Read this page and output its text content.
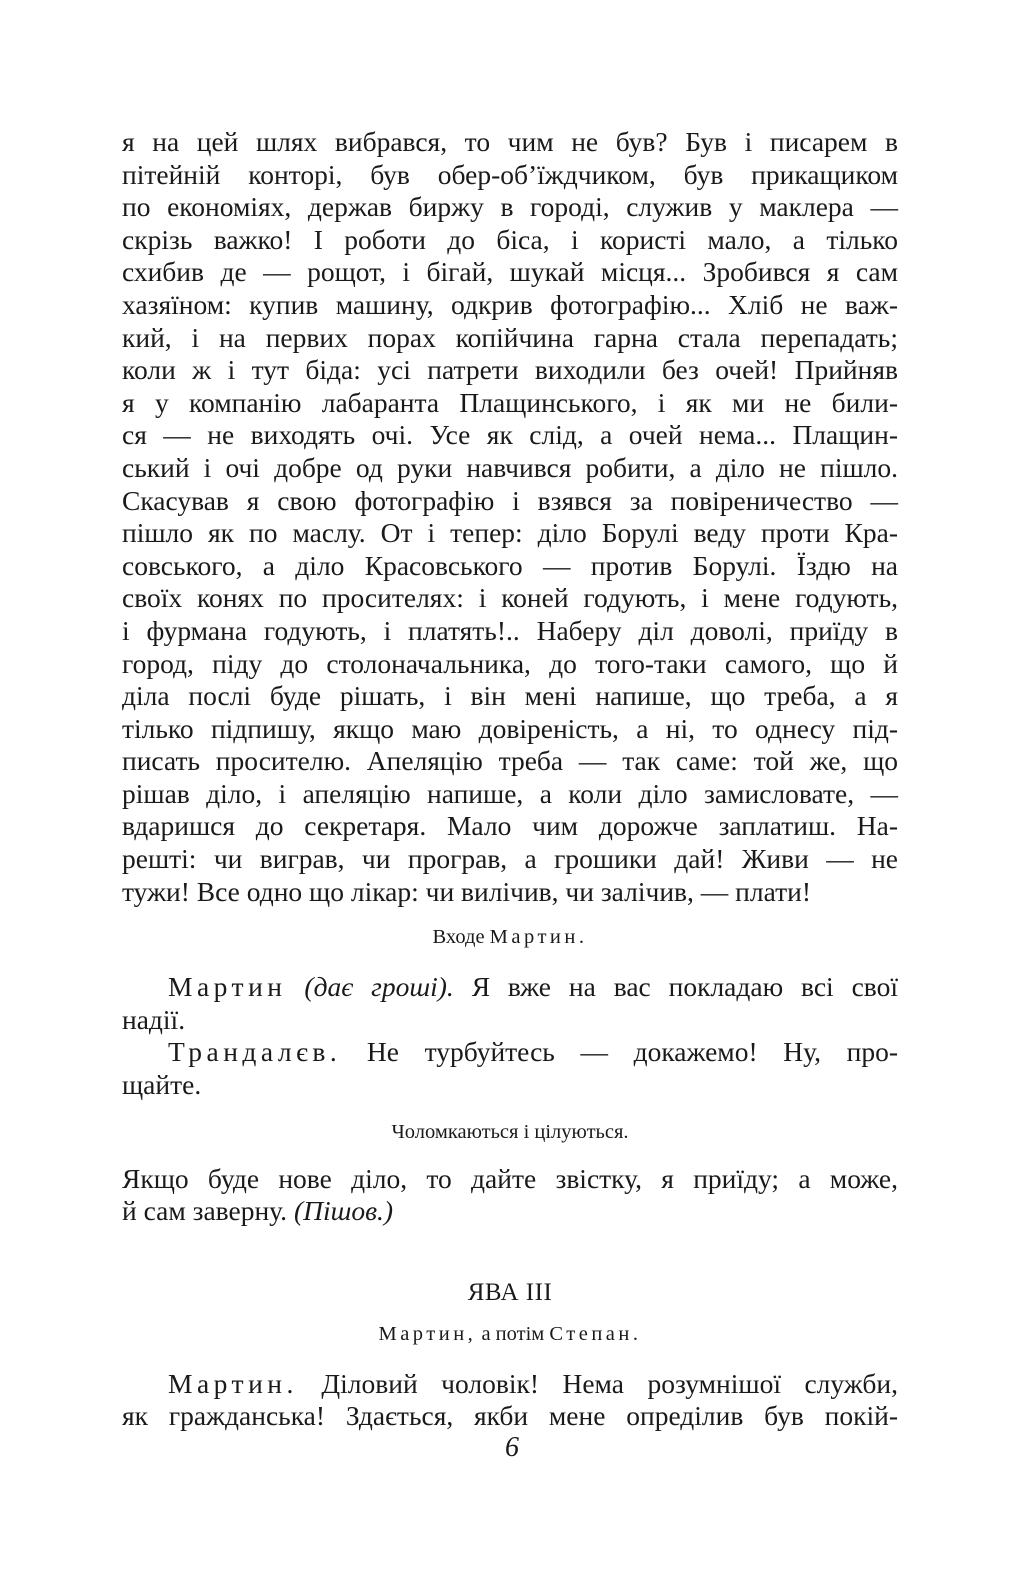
я на цей шлях вибрався, то чим не був? Був і писарем в
пітейній конторі, був обер-об’їждчиком, був прикащиком
по економіях, держав биржу в городі, служив у маклера —
скрізь важко! І роботи до біса, і користі мало, а тілько
схибив де — рощот, і бігай, шукай місця... Зробився я сам
хазяїном: купив машину, одкрив фотографію... Хліб не важ-
кий, і на первих порах копійчина гарна стала перепадать;
коли ж і тут біда: усі патрети виходили без очей! Прийняв
я у компанію лабаранта Плащинського, і як ми не били-
ся — не виходять очі. Усе як слід, а очей нема... Плащин-
ський і очі добре од руки навчився робити, а діло не пішло.
Скасував я свою фотографію і взявся за повіреничество —
пішло як по маслу. От і тепер: діло Борулі веду проти Кра-
совського, а діло Красовського — против Борулі. Їздю на
своїх конях по просителях: і коней годують, і мене годують,
і фурмана годують, і платять!.. Наберу діл доволі, приїду в
город, піду до столоначальника, до того-таки самого, що й
діла послі буде рішать, і він мені напише, що треба, а я
тілько підпишу, якщо маю довіреність, а ні, то однесу під-
писать просителю. Апеляцію треба — так саме: той же, що
рішав діло, і апеляцію напише, а коли діло замисловате, —
вдаришся до секретаря. Мало чим дорожче заплатиш. На-
решті: чи виграв, чи програв, а грошики дай! Живи — не
тужи! Все одно що лікар: чи вилічив, чи залічив, — плати!
Входе Мартин.
Мартин (дає гроші). Я вже на вас покладаю всі свої
надії.
Трандалєв. Не турбуйтесь — докажемо! Ну, про-
щайте.
Чоломкаються і цілуються.
Якщо буде нове діло, то дайте звістку, я приїду; а може,
й сам заверну. (Пішов.)
ЯВА III
Мартин, а потім Степан.
Мартин. Діловий чоловік! Нема розумнішої служби,
як гражданська! Здається, якби мене опреділив був покій-
6
